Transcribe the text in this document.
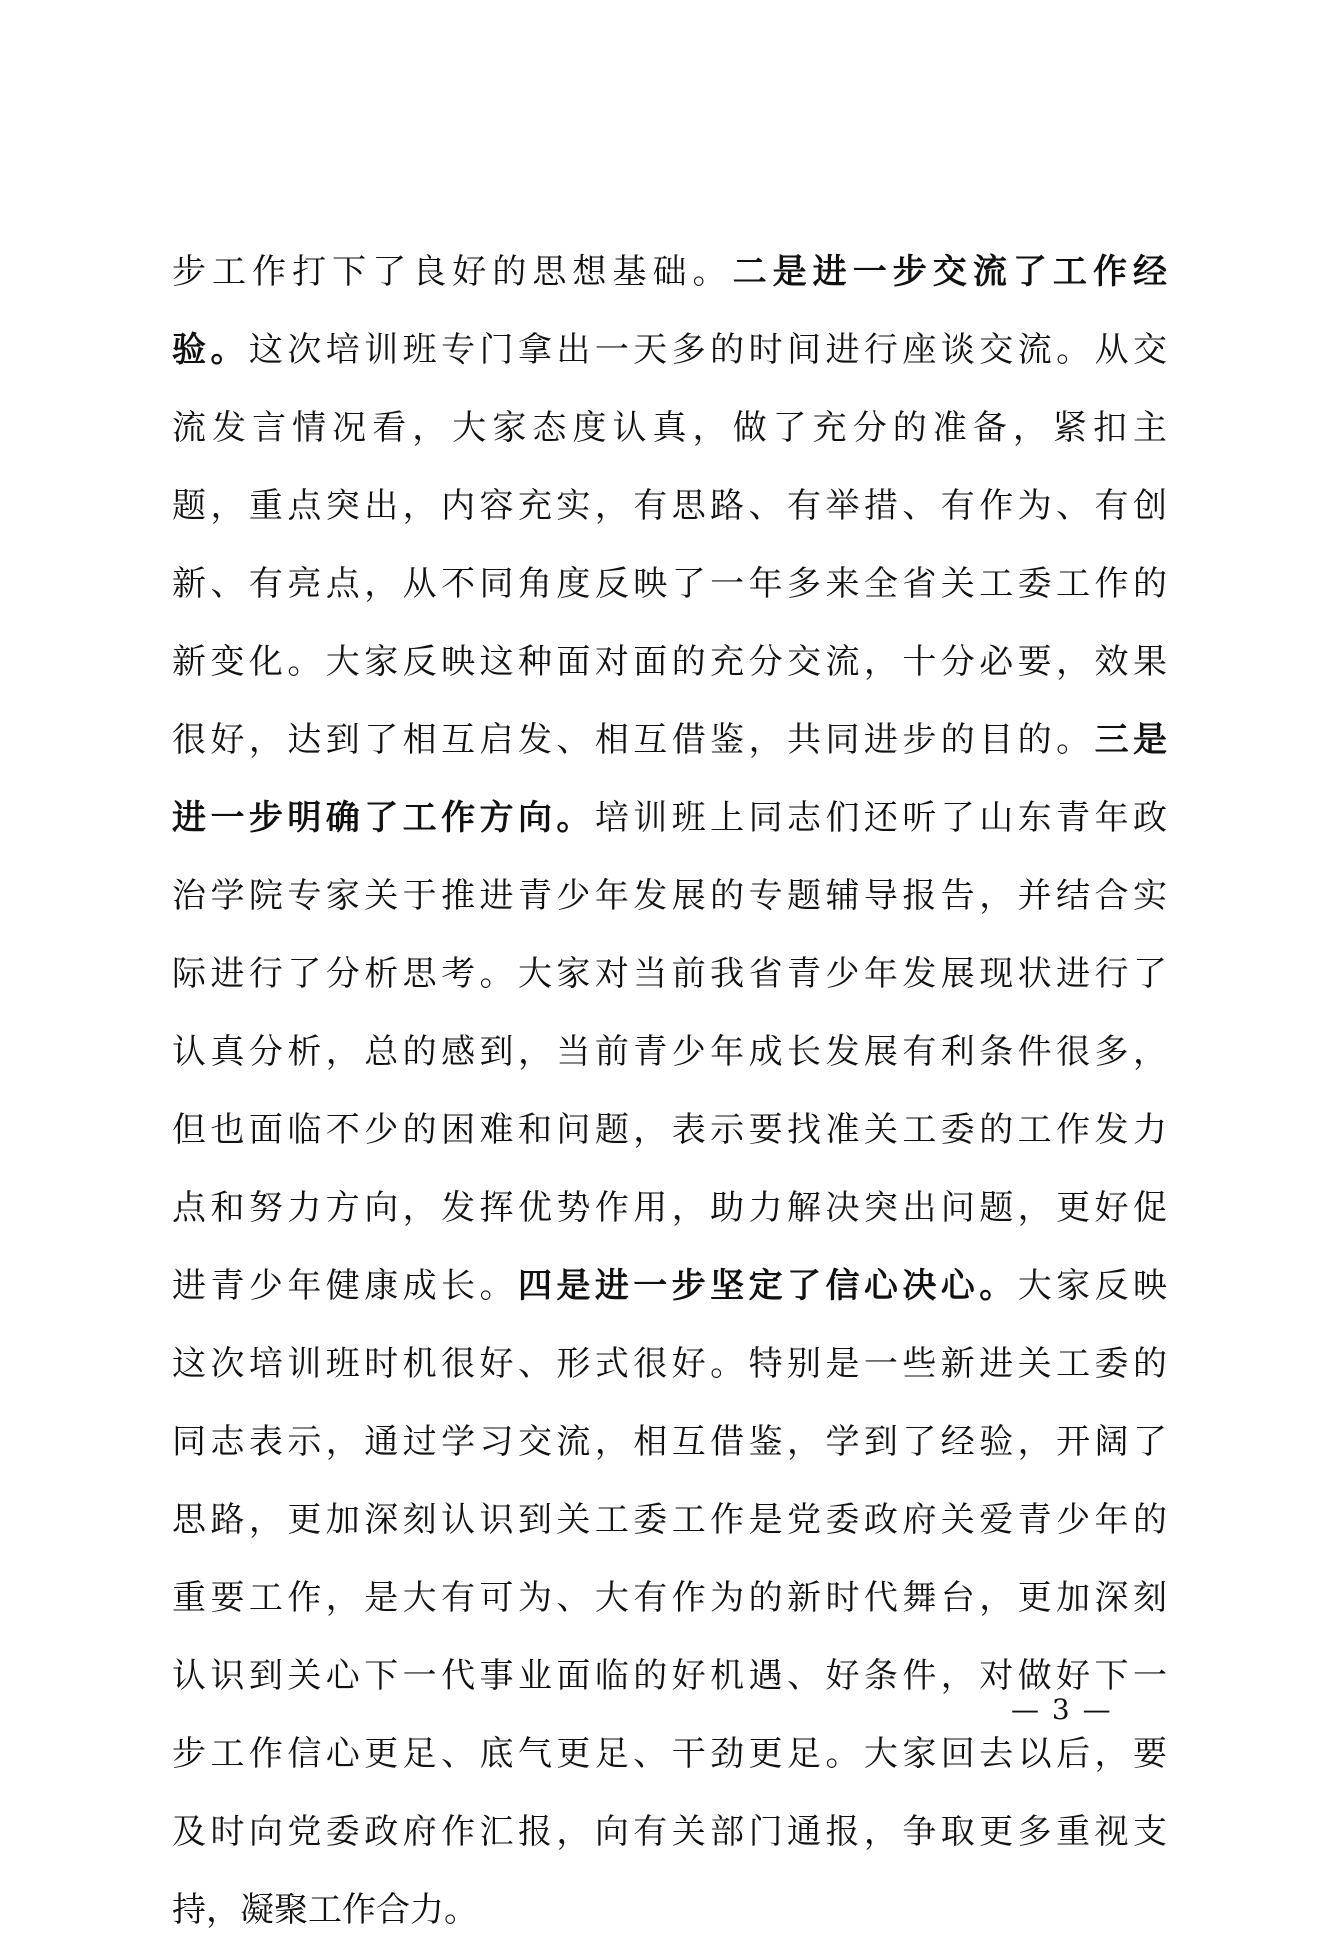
步工作打下了良好的思想基础。二是进一步交流了工作经
验。这次培训班专门拿出一天多的时间进行座谈交流。从交
流发言情况看，大家态度认真，做了充分的准备，紧扣主
题，重点突出，内容充实，有思路、有举措、有作为、有创
新、有亮点，从不同角度反映了一年多来全省关工委工作的
新变化。大家反映这种面对面的充分交流，十分必要，效果
很好，达到了相互启发、相互借鉴，共同进步的目的。三是
进一步明确了工作方向。培训班上同志们还听了山东青年政
治学院专家关于推进青少年发展的专题辅导报告，并结合实
际进行了分析思考。大家对当前我省青少年发展现状进行了
认真分析，总的感到，当前青少年成长发展有利条件很多，
但也面临不少的困难和问题，表示要找准关工委的工作发力
点和努力方向，发挥优势作用，助力解决突出问题，更好促
进青少年健康成长。四是进一步坚定了信心决心。大家反映
这次培训班时机很好、形式很好。特别是一些新进关工委的
同志表示，通过学习交流，相互借鉴，学到了经验，开阔了
思路，更加深刻认识到关工委工作是党委政府关爱青少年的
重要工作，是大有可为、大有作为的新时代舞台，更加深刻
认识到关心下一代事业面临的好机遇、好条件，对做好下一
步工作信心更足、底气更足、干劲更足。大家回去以后，要
及时向党委政府作汇报，向有关部门通报，争取更多重视支
持，凝聚工作合力。
— 3 —
